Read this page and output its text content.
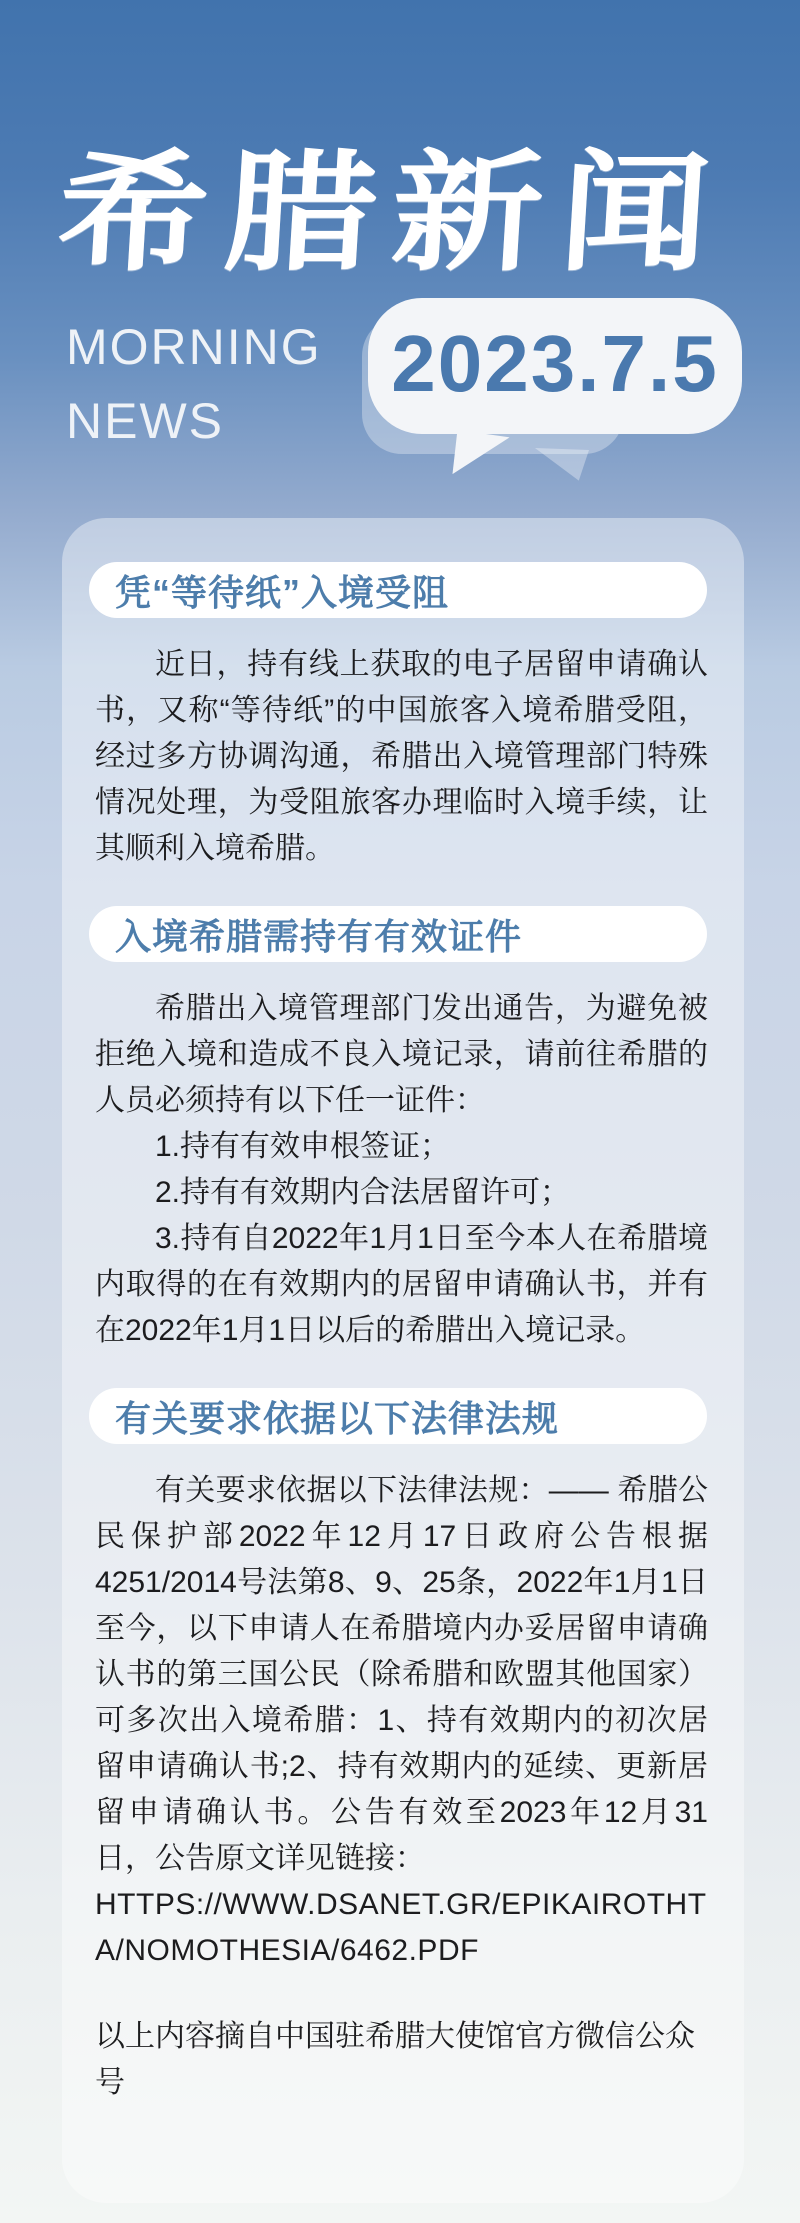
希腊新闻
MORNING
NEWS
2023.7.5
凭“等待纸”入境受阻

近日，持有线上获取的电子居留申请确认书，又称“等待纸”的中国旅客入境希腊受阻，经过多方协调沟通，希腊出入境管理部门特殊情况处理，为受阻旅客办理临时入境手续，让其顺利入境希腊。

入境希腊需持有有效证件

希腊出入境管理部门发出通告，为避免被拒绝入境和造成不良入境记录，请前往希腊的人员必须持有以下任一证件：

1.持有有效申根签证；

2.持有有效期内合法居留许可；

3.持有自2022年1月1日至今本人在希腊境内取得的在有效期内的居留申请确认书，并有在2022年1月1日以后的希腊出入境记录。

有关要求依据以下法律法规

有关要求依据以下法律法规：—— 希腊公民保护部2022年12月17日政府公告根据4251/2014号法第8、9、25条，2022年1月1日至今，以下申请人在希腊境内办妥居留申请确认书的第三国公民（除希腊和欧盟其他国家）可多次出入境希腊：1、持有效期内的初次居留申请确认书;2、持有效期内的延续、更新居留申请确认书。公告有效至2023年12月31日，公告原文详见链接：

HTTPS://WWW.DSANET.GR/EPIKAIROTHTA/NOMOTHESIA/6462.PDF

以上内容摘自中国驻希腊大使馆官方微信公众号
